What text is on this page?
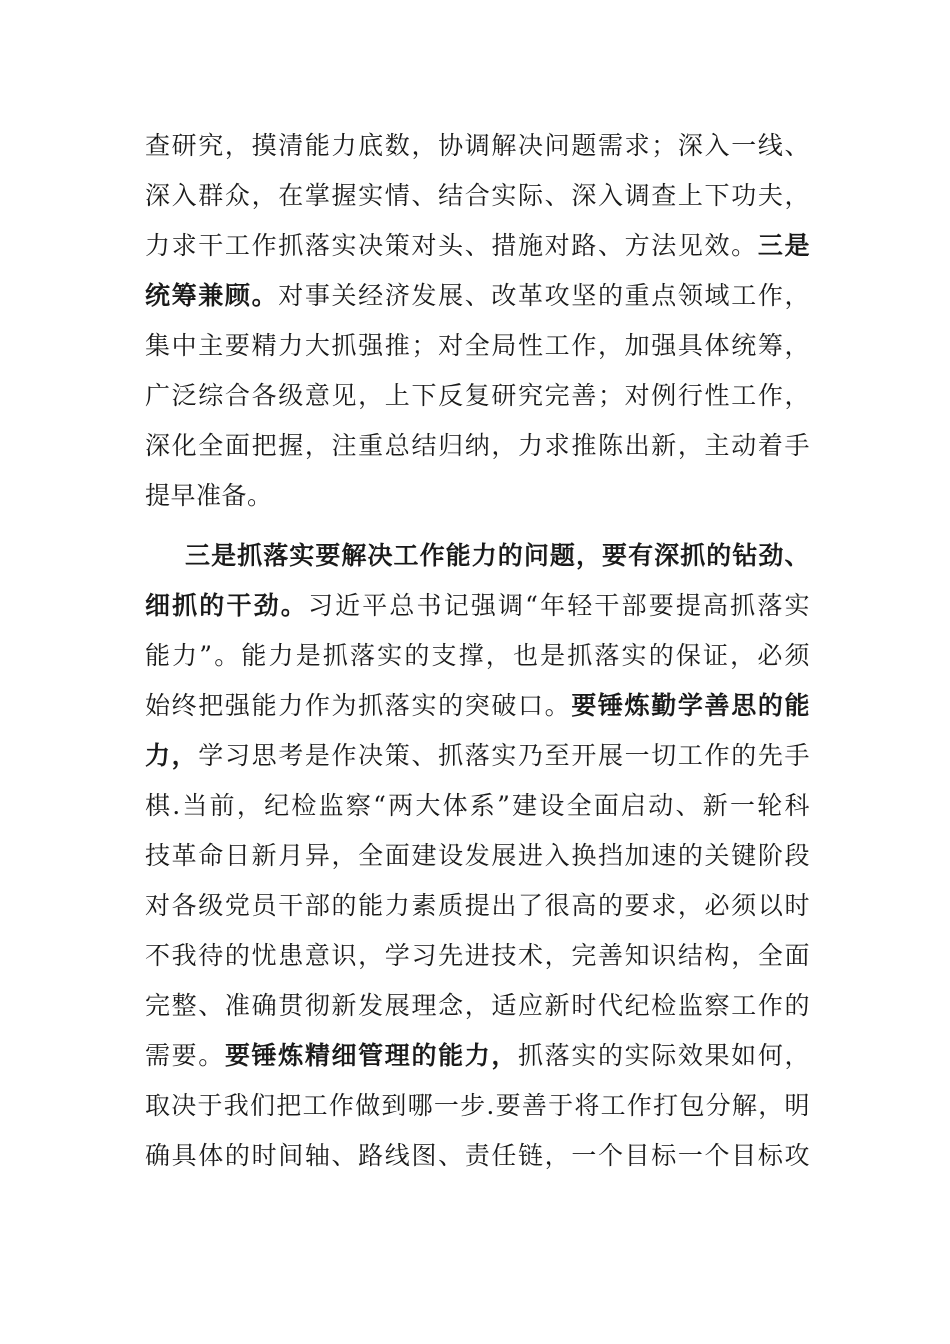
查研究，摸清能力底数，协调解决问题需求；深入一线、
深入群众，在掌握实情、结合实际、深入调查上下功夫，
力求干工作抓落实决策对头、措施对路、方法见效。三是
统筹兼顾。对事关经济发展、改革攻坚的重点领域工作，
集中主要精力大抓强推；对全局性工作，加强具体统筹，
广泛综合各级意见，上下反复研究完善；对例行性工作，
深化全面把握，注重总结归纳，力求推陈出新，主动着手
提早准备。
三是抓落实要解决工作能力的问题，要有深抓的钻劲、
细抓的干劲。习近平总书记强调“年轻干部要提高抓落实
能力”。能力是抓落实的支撑，也是抓落实的保证，必须
始终把强能力作为抓落实的突破口。要锤炼勤学善思的能
力，学习思考是作决策、抓落实乃至开展一切工作的先手
棋.当前，纪检监察“两大体系”建设全面启动、新一轮科
技革命日新月异，全面建设发展进入换挡加速的关键阶段
对各级党员干部的能力素质提出了很高的要求，必须以时
不我待的忧患意识，学习先进技术，完善知识结构，全面
完整、准确贯彻新发展理念，适应新时代纪检监察工作的
需要。要锤炼精细管理的能力，抓落实的实际效果如何，
取决于我们把工作做到哪一步.要善于将工作打包分解，明
确具体的时间轴、路线图、责任链，一个目标一个目标攻
